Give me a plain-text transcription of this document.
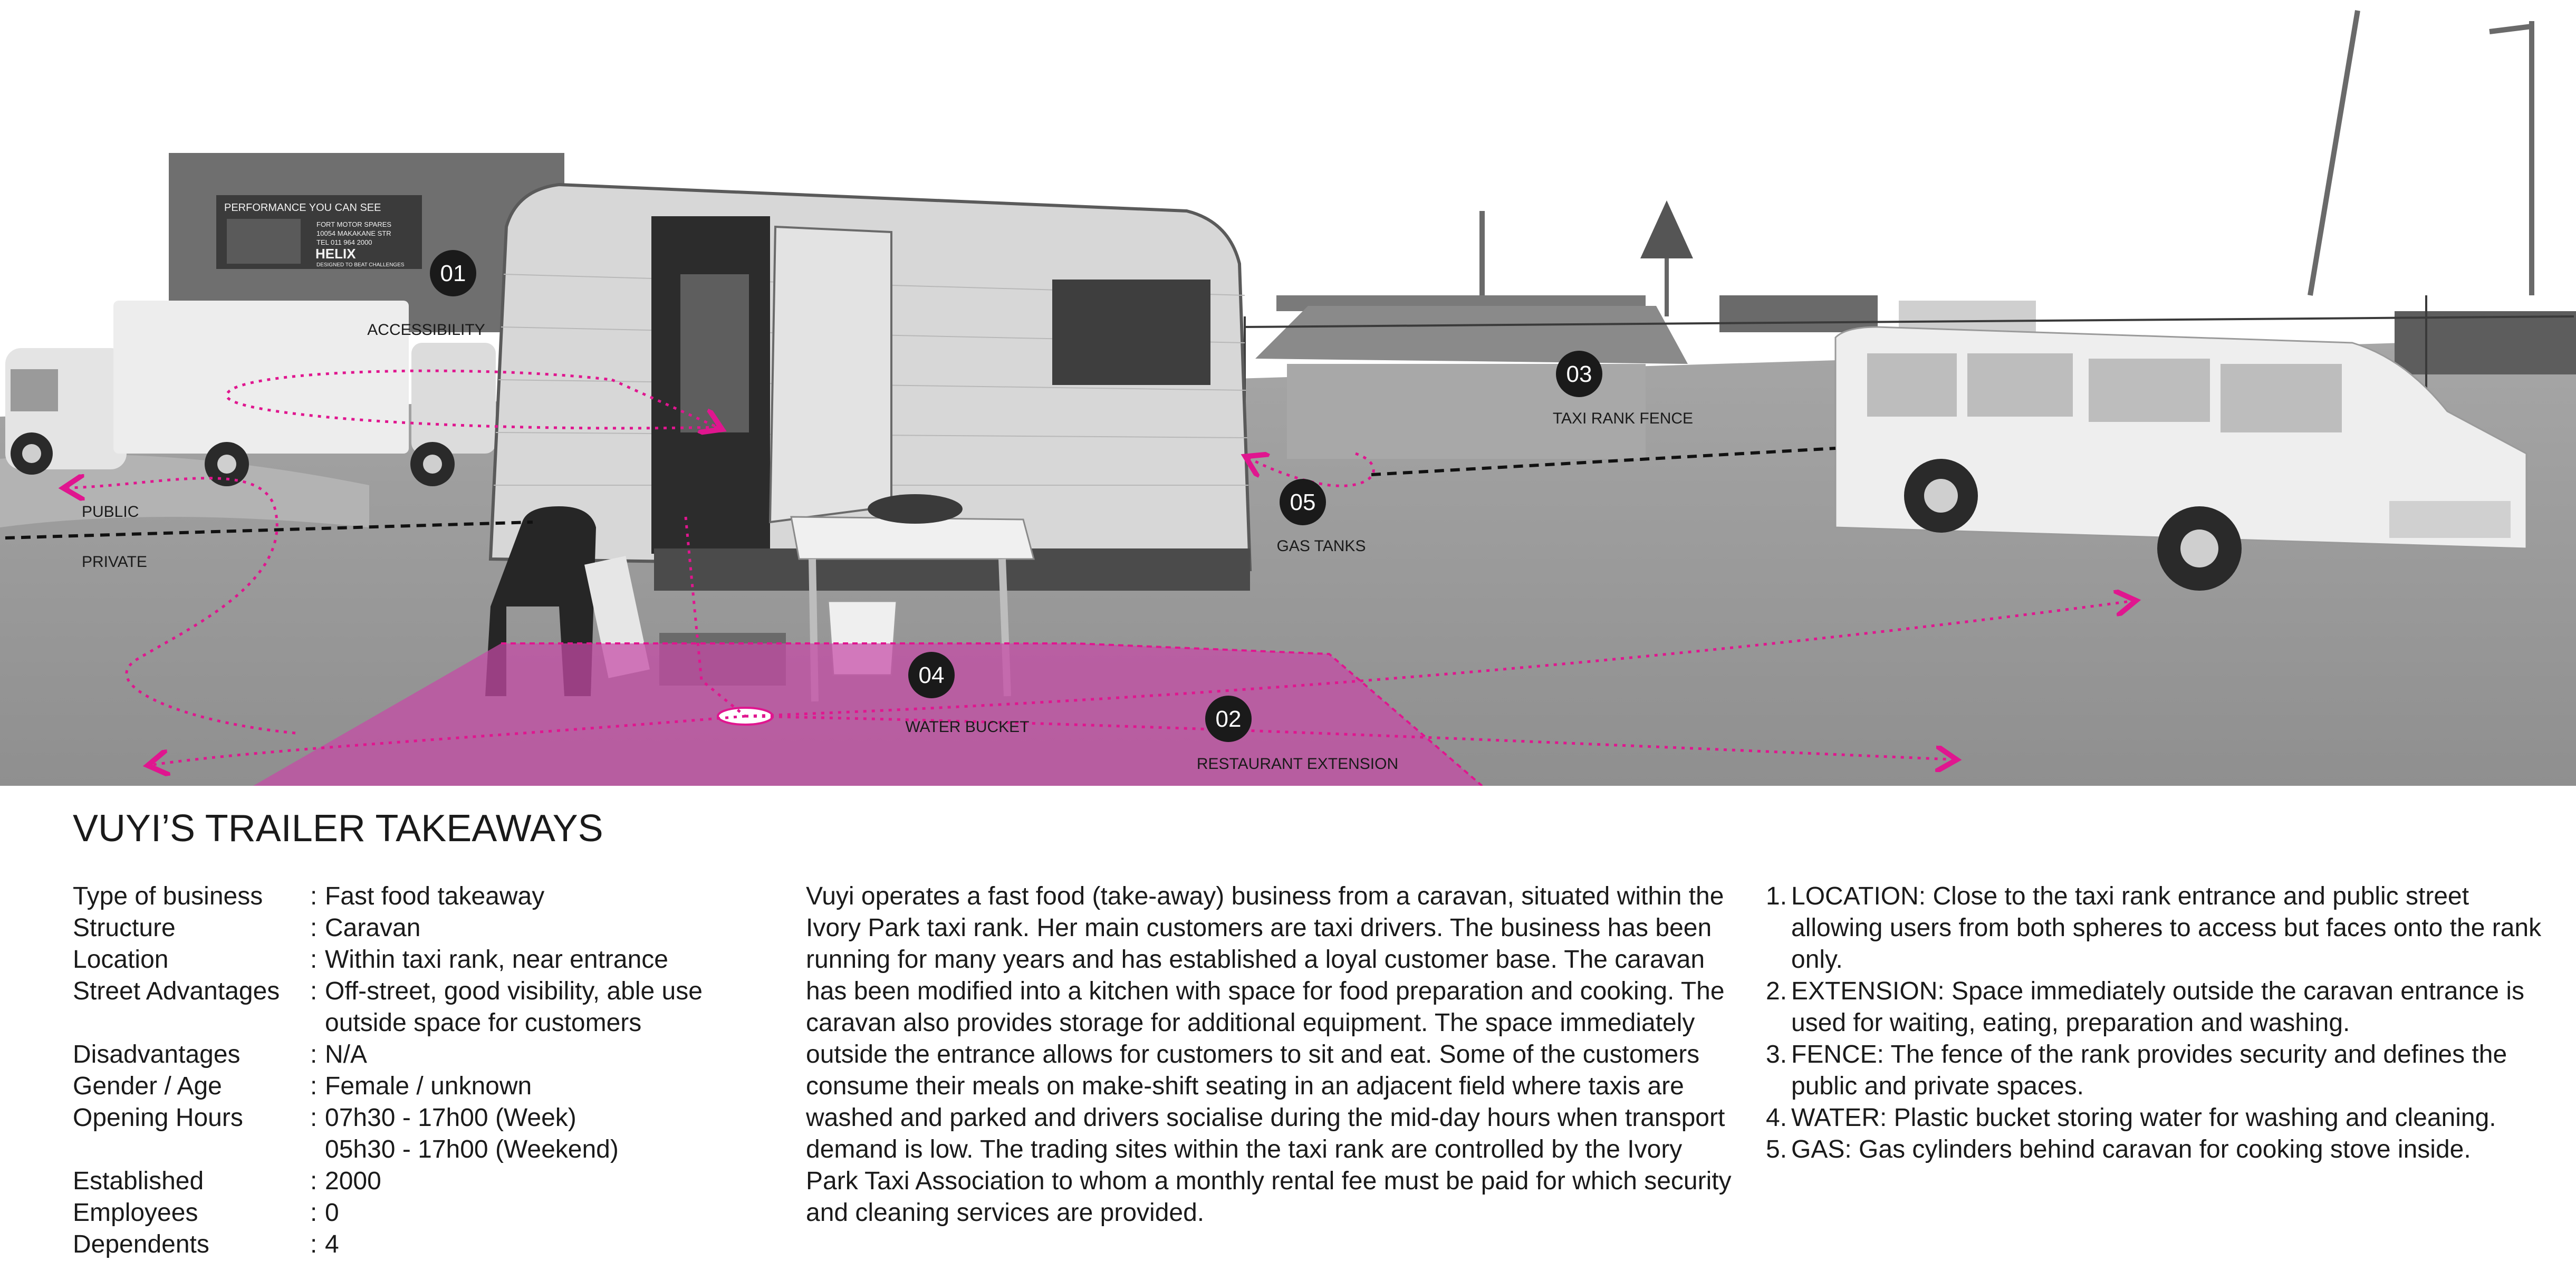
PERFORMANCE YOU CAN SEE
FORT MOTOR SPARES
10054 MAKAKANE STR
TEL 011 964 2000
HELIX
DESIGNED TO BEAT CHALLENGES 01
ACCESSIBILITY
02
RESTAURANT EXTENSION
03
TAXI RANK FENCE
04
WATER BUCKET
05
GAS TANKS
PUBLIC
PRIVATE
VUYI’S TRAILER TAKEAWAYS
Type of business	: Fast food takeaway
Structure	: Caravan
Location	: Within taxi rank, near entrance
Street Advantages	: Off-street, good visibility, able use
outside space for customers
Disadvantages	: N/A
Gender / Age	: Female / unknown
Opening Hours	: 07h30 - 17h00 (Week)
05h30 - 17h00 (Weekend)
Established	: 2000
Employees	: 0
Dependents	: 4

Vuyi operates a fast food (take-away) business from a caravan, situated within the Ivory Park taxi rank. Her main customers are taxi drivers. The business has been running for many years and has established a loyal customer base. The caravan has been modified into a kitchen with space for food preparation and cooking. The caravan also provides storage for additional equipment. The space immediately outside the entrance allows for customers to sit and eat. Some of the customers consume their meals on make-shift seating in an adjacent field where taxis are washed and parked and drivers socialise during the mid-day hours when transport demand is low. The trading sites within the taxi rank are controlled by the Ivory Park Taxi Association to whom a monthly rental fee must be paid for which security and cleaning services are provided.

1. LOCATION: Close to the taxi rank entrance and public street allowing users from both spheres to access but faces onto the rank only.
2. EXTENSION: Space immediately outside the caravan entrance is used for waiting, eating, preparation and washing.
3. FENCE: The fence of the rank provides security and defines the public and private spaces.
4. WATER: Plastic bucket storing water for washing and cleaning.
5. GAS: Gas cylinders behind caravan for cooking stove inside.
